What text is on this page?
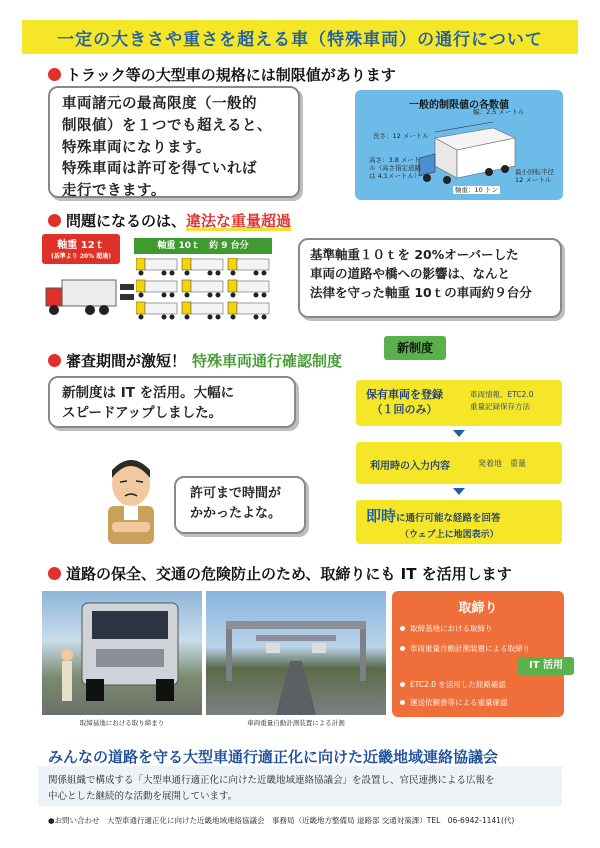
一定の大きさや重さを超える車（特殊車両）の通行について
トラック等の大型車の規格には制限値があります
車両諸元の最高限度（一般的
制限値）を１つでも超えると、
特殊車両になります。
特殊車両は許可を得ていれば
走行できます。
一般的制限値の各数値
幅：2.5 メートル
長さ：12 メートル
高さ：3.8 メート
ル（高さ指定道路
は 4.1メートル）
最小回転半径
12 メートル
軸重：10 トン
問題になるのは、 違法な重量超過
軸重 12ｔ
(基準より 20% 超過)
軸重 10ｔ　約 9 台分
基準軸重１０ｔを 20%オーバーした
車両の道路や橋への影響は、なんと
法律を守った軸重 10ｔの車両約９台分
審査期間が激短！ 特殊車両通行確認制度
新制度
新制度は IT を活用。大幅に
スピードアップしました。
許可まで時間が
かかったよな。
保有車両を登録
（１回のみ）
車両情報、ETC2.0
重量記録保存方法
利用時の入力内容	発着地　重量
即時に通行可能な経路を回答
（ウェブ上に地図表示）
道路の保全、交通の危険防止のため、取締りにも IT を活用します
取締基地における取り締まり	車両重量自動計測装置による計測
取締り
取締基地における取締り
車両重量自動計測装置による取締り
ETC2.0 を活用した経路確認
運送依頼書等による重量確認
IT 活用
みんなの道路を守る大型車通行適正化に向けた近畿地域連絡協議会
関係組織で構成する「大型車通行適正化に向けた近畿地域連絡協議会」を設置し、官民連携による広報を
中心とした継続的な活動を展開しています。
●お問い合わせ　大型車通行適正化に向けた近畿地域連絡協議会　事務局（近畿地方整備局 道路部 交通対策課）TEL　06-6942-1141(代)
